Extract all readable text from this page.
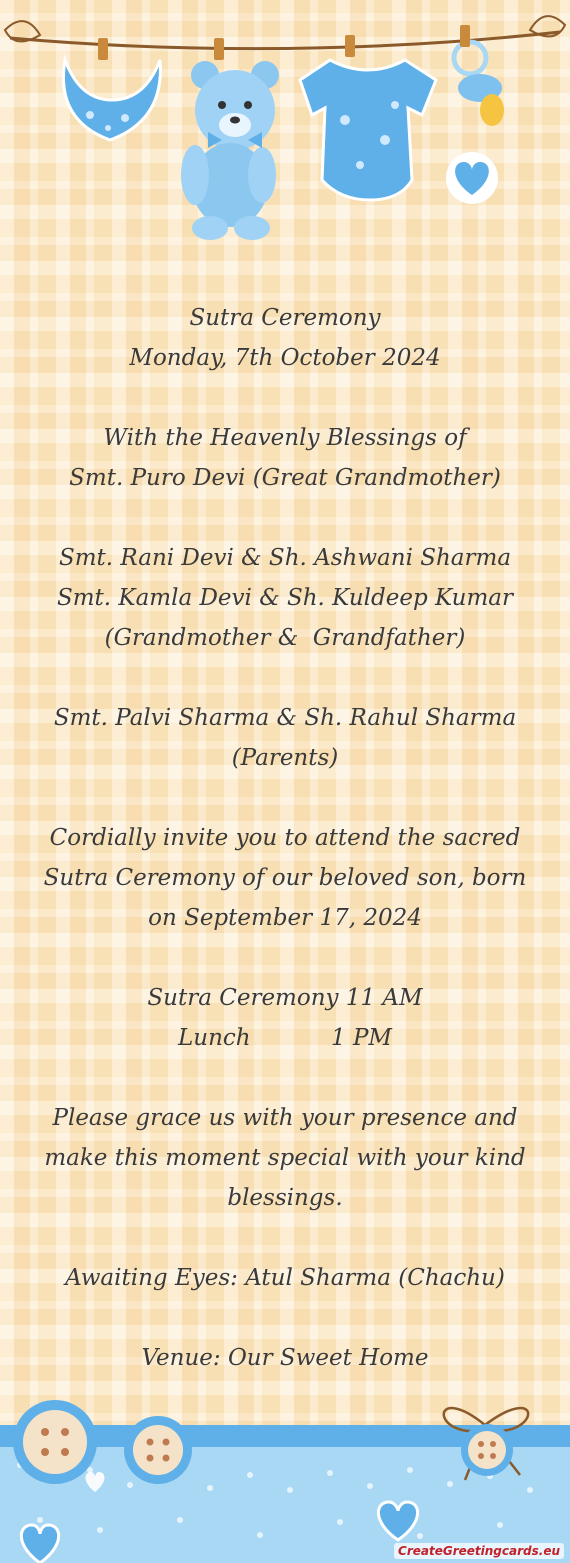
Sutra Ceremony
Monday, 7th October 2024
With the Heavenly Blessings of
Smt. Puro Devi (Great Grandmother)
Smt. Rani Devi & Sh. Ashwani Sharma
Smt. Kamla Devi & Sh. Kuldeep Kumar
(Grandmother &  Grandfather)
Smt. Palvi Sharma & Sh. Rahul Sharma
(Parents)
Cordially invite you to attend the sacred
Sutra Ceremony of our beloved son, born
on September 17, 2024
Sutra Ceremony 11 AM
Lunch           1 PM
Please grace us with your presence and
make this moment special with your kind
blessings.
Awaiting Eyes: Atul Sharma (Chachu)
Venue: Our Sweet Home
CreateGreetingcards.eu
